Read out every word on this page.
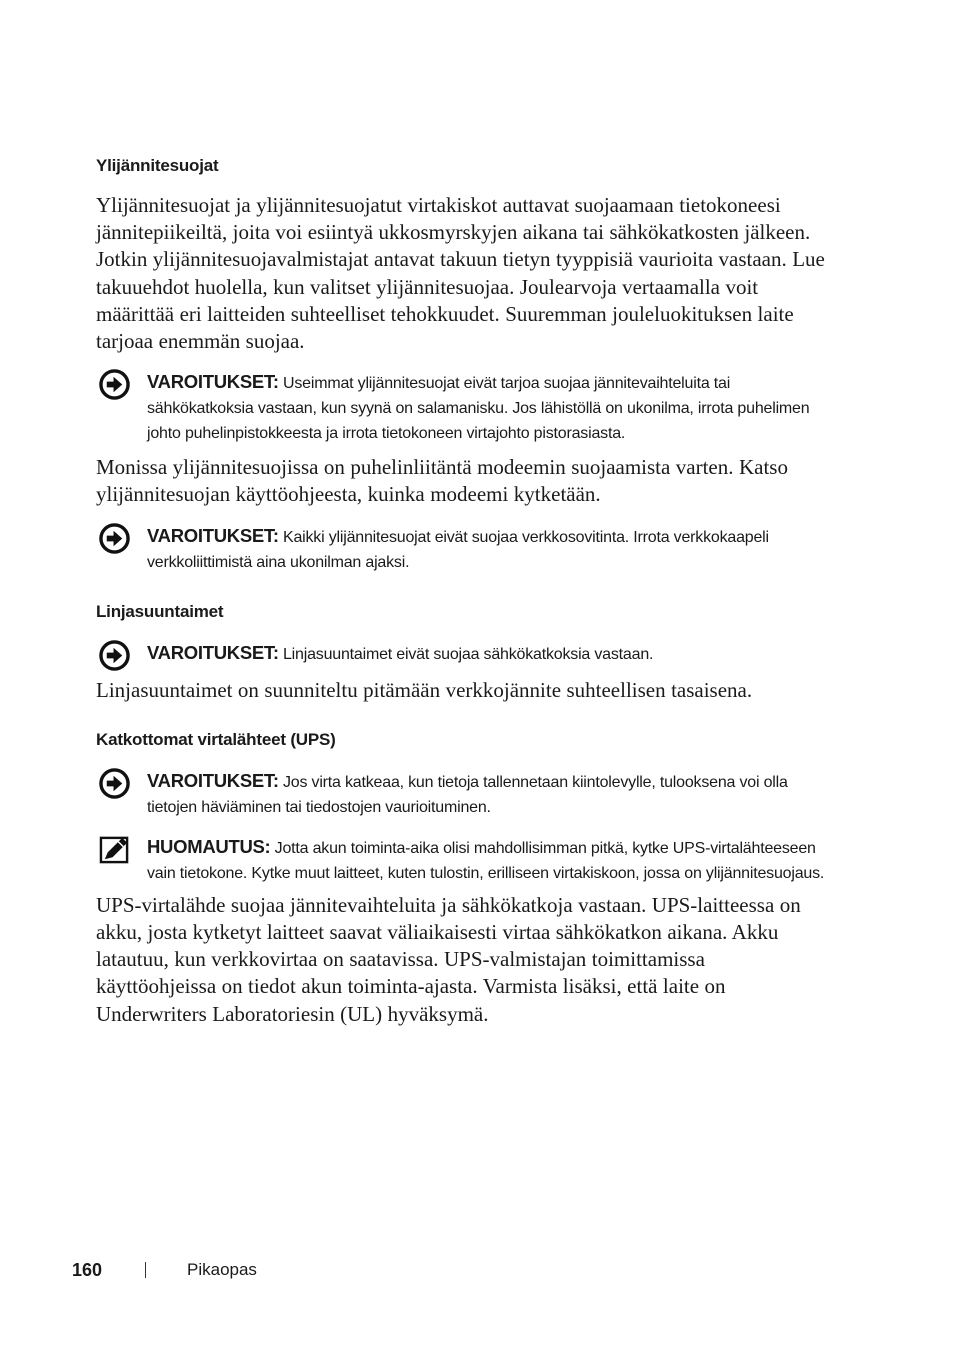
Ylijännitesuojat

Ylijännitesuojat ja ylijännitesuojatut virtakiskot auttavat suojaamaan tietokoneesi jännitepiikeiltä, joita voi esiintyä ukkosmyrskyjen aikana tai sähkökatkosten jälkeen. Jotkin ylijännitesuojavalmistajat antavat takuun tietyn tyyppisiä vaurioita vastaan. Lue takuuehdot huolella, kun valitset ylijännitesuojaa. Joulearvoja vertaamalla voit määrittää eri laitteiden suhteelliset tehokkuudet. Suuremman jouleluokituksen laite tarjoaa enemmän suojaa.

VAROITUKSET: Useimmat ylijännitesuojat eivät tarjoa suojaa jännitevaihteluita tai sähkökatkoksia vastaan, kun syynä on salamanisku. Jos lähistöllä on ukonilma, irrota puhelimen johto puhelinpistokkeesta ja irrota tietokoneen virtajohto pistorasiasta.

Monissa ylijännitesuojissa on puhelinliitäntä modeemin suojaamista varten. Katso ylijännitesuojan käyttöohjeesta, kuinka modeemi kytketään.

VAROITUKSET: Kaikki ylijännitesuojat eivät suojaa verkkosovitinta. Irrota verkkokaapeli verkkoliittimistä aina ukonilman ajaksi.
Linjasuuntaimet
VAROITUKSET: Linjasuuntaimet eivät suojaa sähkökatkoksia vastaan.

Linjasuuntaimet on suunniteltu pitämään verkkojännite suhteellisen tasaisena.

Katkottomat virtalähteet (UPS)
VAROITUKSET: Jos virta katkeaa, kun tietoja tallennetaan kiintolevylle, tulooksena voi olla tietojen häviäminen tai tiedostojen vaurioituminen.
HUOMAUTUS: Jotta akun toiminta-aika olisi mahdollisimman pitkä, kytke UPS-virtalähteeseen vain tietokone. Kytke muut laitteet, kuten tulostin, erilliseen virtakiskoon, jossa on ylijännitesuojaus.

UPS-virtalähde suojaa jännitevaihteluita ja sähkökatkoja vastaan. UPS-laitteessa on akku, josta kytketyt laitteet saavat väliaikaisesti virtaa sähkökatkon aikana. Akku latautuu, kun verkkovirtaa on saatavissa. UPS-valmistajan toimittamissa käyttöohjeissa on tiedot akun toiminta-ajasta. Varmista lisäksi, että laite on Underwriters Laboratoriesin (UL) hyväksymä.

160	Pikaopas
